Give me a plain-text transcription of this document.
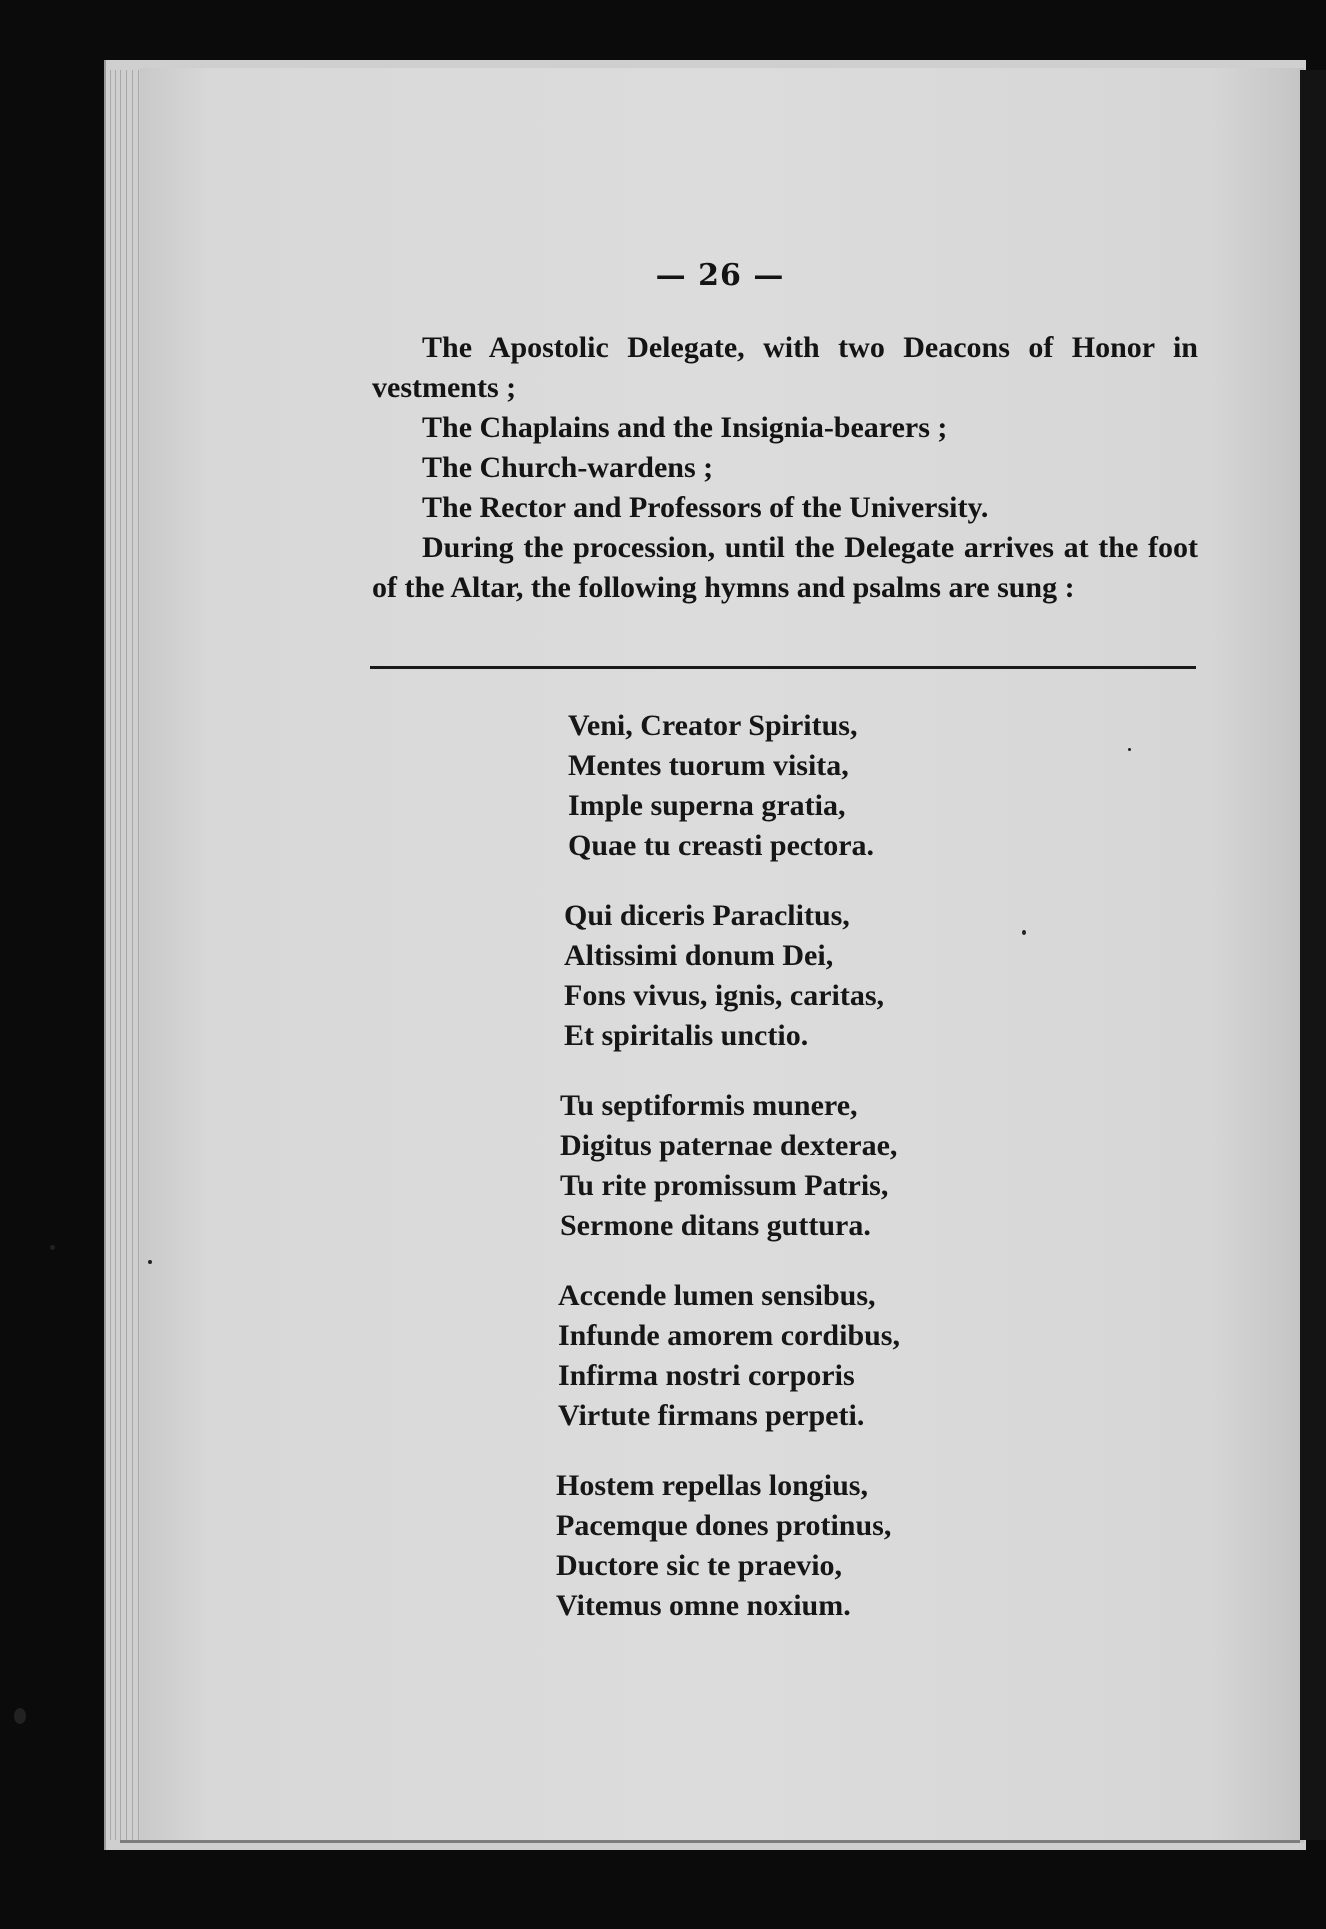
— 26 —
The Apostolic Delegate, with two Deacons of Honor in vestments ;
The Chaplains and the Insignia-bearers ;
The Church-wardens ;
The Rector and Professors of the University.
During the procession, until the Delegate arrives at the foot of the Altar, the following hymns and psalms are sung :
Veni, Creator Spiritus,
Mentes tuorum visita,
Imple superna gratia,
Quae tu creasti pectora.
Qui diceris Paraclitus,
Altissimi donum Dei,
Fons vivus, ignis, caritas,
Et spiritalis unctio.
Tu septiformis munere,
Digitus paternae dexterae,
Tu rite promissum Patris,
Sermone ditans guttura.
Accende lumen sensibus,
Infunde amorem cordibus,
Infirma nostri corporis
Virtute firmans perpeti.
Hostem repellas longius,
Pacemque dones protinus,
Ductore sic te praevio,
Vitemus omne noxium.
